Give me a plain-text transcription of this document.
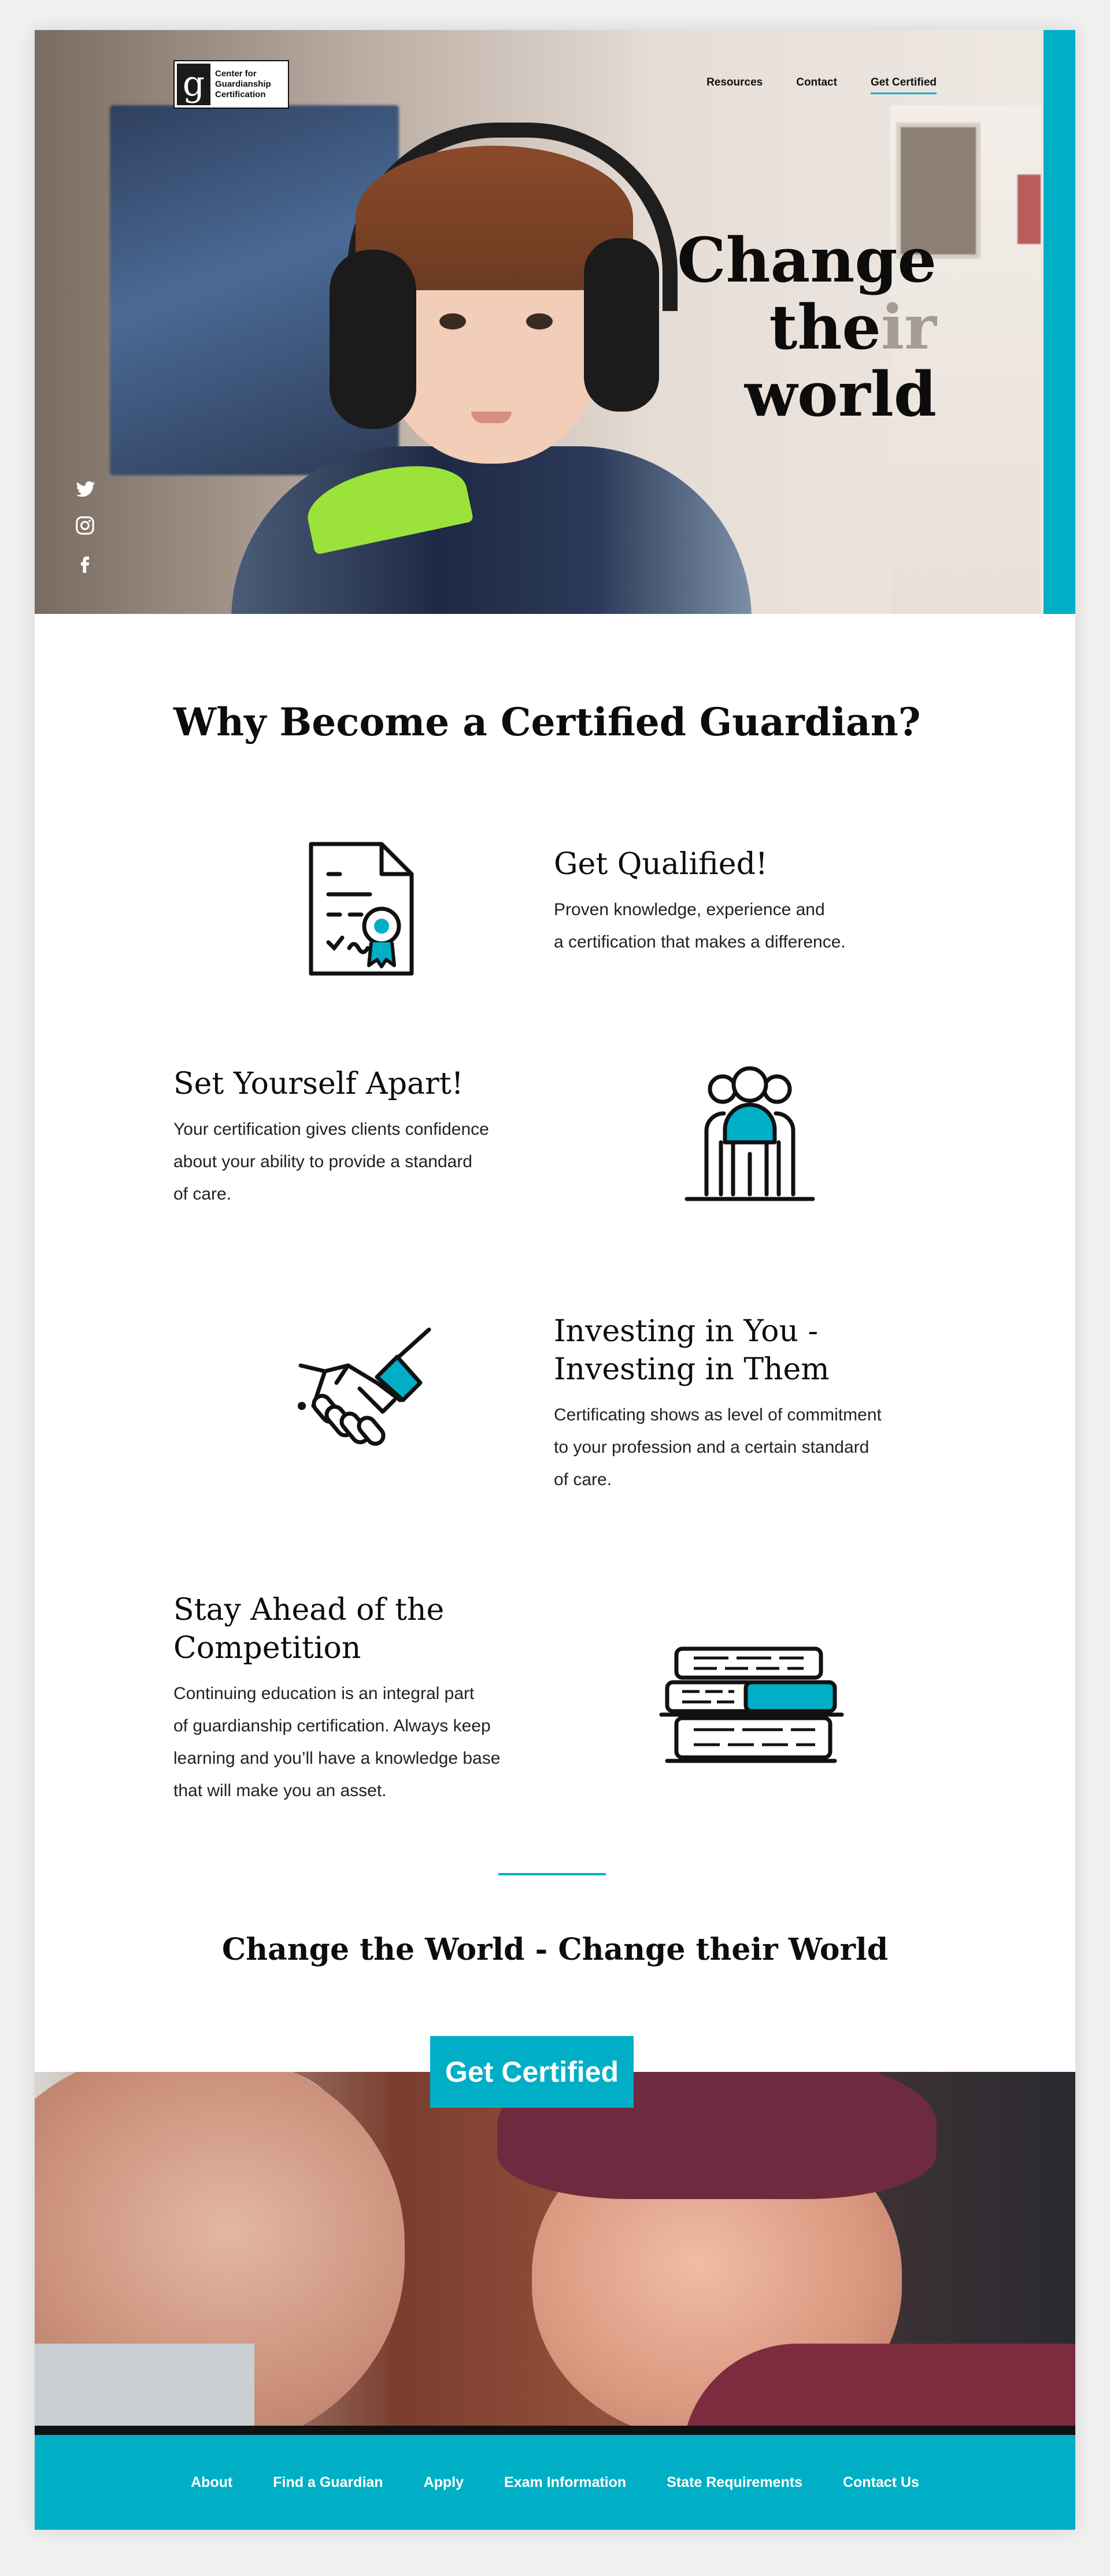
g	Center for Guardianship Certification
Resources	Contact	Get Certified
Change
their
world
Why Become a Certified Guardian?
Get Qualified!

Proven knowledge, experience and
a certification that makes a difference.

Set Yourself Apart!

Your certification gives clients confidence
about your ability to provide a standard
of care.

Investing in You -
Investing in Them

Certificating shows as level of commitment
to your profession and a certain standard
of care.

Stay Ahead of the
Competition

Continuing education is an integral part
of guardianship certification. Always keep
learning and you’ll have a knowledge base
that will make you an asset.

Change the World - Change their World
Get Certified
About	Find a Guardian	Apply	Exam Information	State Requirements	Contact Us
